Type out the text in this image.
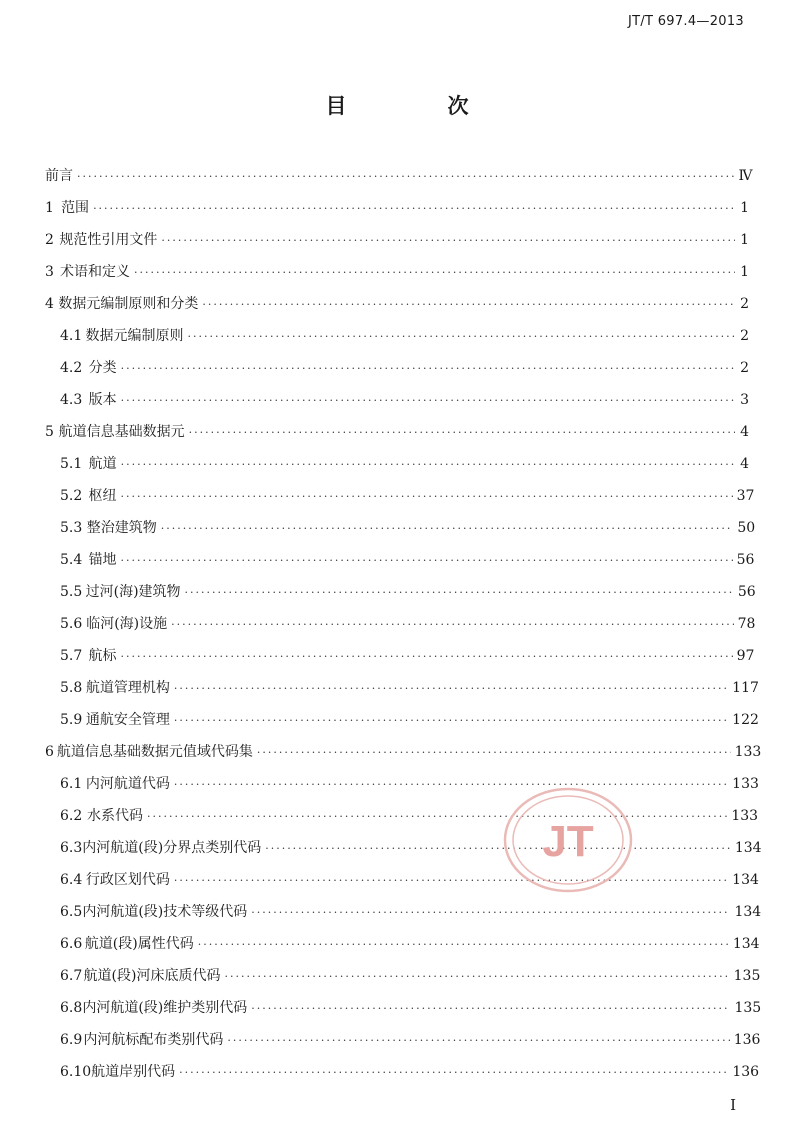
JT/T 697.4—2013
目　次
前言 ·····	Ⅳ
1 范围 ·····	1
2 规范性引用文件 ·····	1
3 术语和定义 ·····	1
4 数据元编制原则和分类 ·····	2
4.1 数据元编制原则 ·····	2
4.2 分类 ·····	2
4.3 版本 ·····	3
5 航道信息基础数据元 ·····	4
5.1 航道 ·····	4
5.2 枢纽 ·····	37
5.3 整治建筑物 ·····	50
5.4 锚地 ·····	56
5.5 过河(海)建筑物 ·····	56
5.6 临河(海)设施 ·····	78
5.7 航标 ·····	97
5.8 航道管理机构 ·····	117
5.9 通航安全管理 ·····	122
6 航道信息基础数据元值域代码集 ·····	133
6.1 内河航道代码 ·····	133
6.2 水系代码 ·····	133
6.3 内河航道(段)分界点类别代码 ·····	134
6.4 行政区划代码 ·····	134
6.5 内河航道(段)技术等级代码 ·····	134
6.6 航道(段)属性代码 ·····	134
6.7 航道(段)河床底质代码 ·····	135
6.8 内河航道(段)维护类别代码 ·····	135
6.9 内河航标配布类别代码 ·····	136
6.10 航道岸别代码 ·····	136
JT
I
